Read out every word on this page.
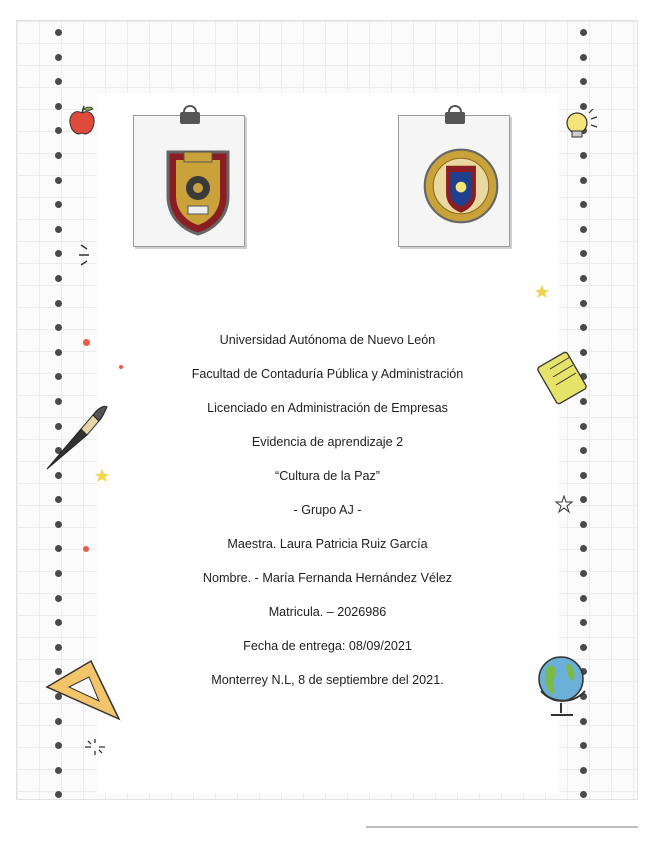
Universidad Autónoma de Nuevo León
Facultad de Contaduría Pública y Administración
Licenciado en Administración de Empresas
Evidencia de aprendizaje 2
“Cultura de la Paz”
- Grupo AJ -
Maestra. Laura Patricia Ruiz García
Nombre. - María Fernanda Hernández Vélez
Matricula. – 2026986
Fecha de entrega: 08/09/2021
Monterrey N.L, 8 de septiembre del 2021.
